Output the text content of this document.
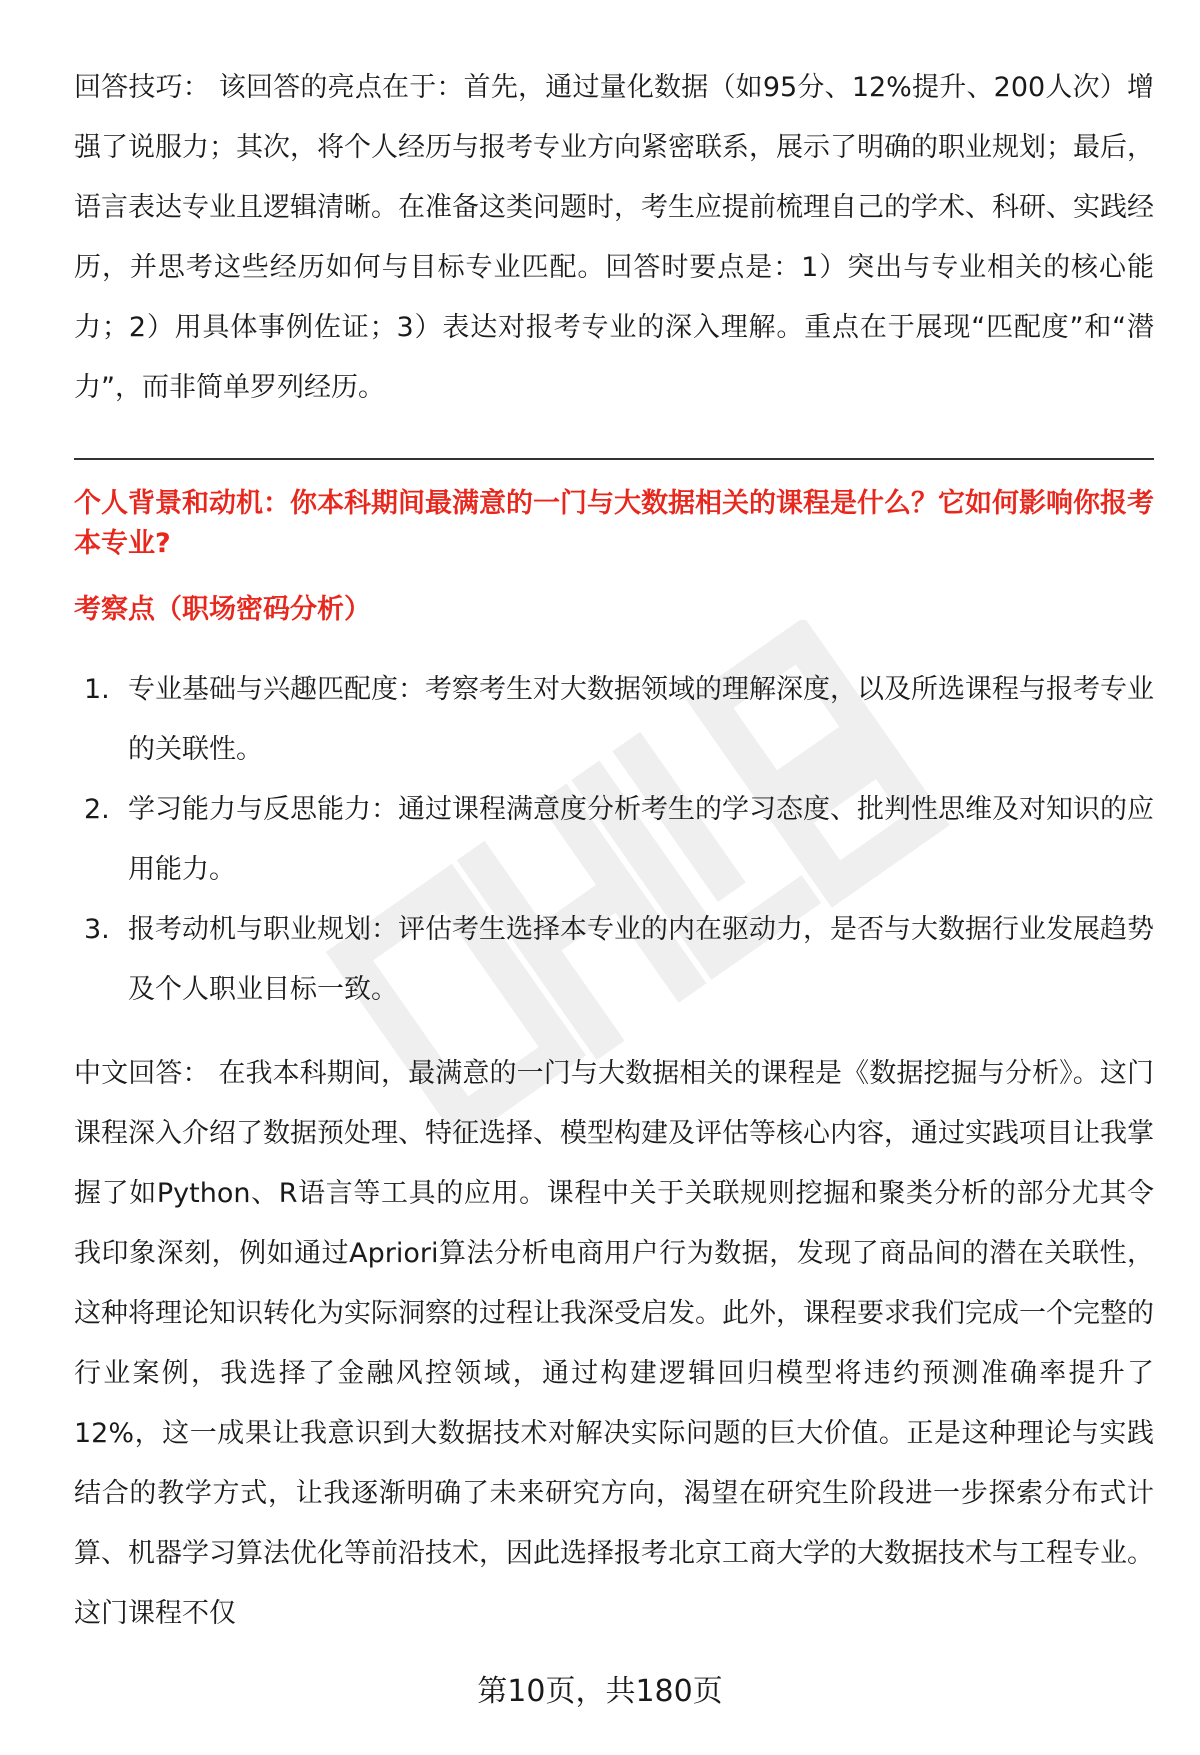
回答技巧： 该回答的亮点在于：首先，通过量化数据（如95分、12%提升、200人次）增强了说服力；其次，将个人经历与报考专业方向紧密联系，展示了明确的职业规划；最后，语言表达专业且逻辑清晰。在准备这类问题时，考生应提前梳理自己的学术、科研、实践经历，并思考这些经历如何与目标专业匹配。回答时要点是：1）突出与专业相关的核心能力；2）用具体事例佐证；3）表达对报考专业的深入理解。重点在于展现“匹配度”和“潜力”，而非简单罗列经历。

个人背景和动机：你本科期间最满意的一门与大数据相关的课程是什么？它如何影响你报考本专业?

考察点（职场密码分析）

1. 专业基础与兴趣匹配度：考察考生对大数据领域的理解深度，以及所选课程与报考专业的关联性。
2. 学习能力与反思能力：通过课程满意度分析考生的学习态度、批判性思维及对知识的应用能力。
3. 报考动机与职业规划：评估考生选择本专业的内在驱动力，是否与大数据行业发展趋势及个人职业目标一致。

中文回答： 在我本科期间，最满意的一门与大数据相关的课程是《数据挖掘与分析》。这门课程深入介绍了数据预处理、特征选择、模型构建及评估等核心内容，通过实践项目让我掌握了如Python、R语言等工具的应用。课程中关于关联规则挖掘和聚类分析的部分尤其令我印象深刻，例如通过Apriori算法分析电商用户行为数据，发现了商品间的潜在关联性，这种将理论知识转化为实际洞察的过程让我深受启发。此外，课程要求我们完成一个完整的行业案例，我选择了金融风控领域，通过构建逻辑回归模型将违约预测准确率提升了12%，这一成果让我意识到大数据技术对解决实际问题的巨大价值。正是这种理论与实践结合的教学方式，让我逐渐明确了未来研究方向，渴望在研究生阶段进一步探索分布式计算、机器学习算法优化等前沿技术，因此选择报考北京工商大学的大数据技术与工程专业。这门课程不仅

第10页，共180页
